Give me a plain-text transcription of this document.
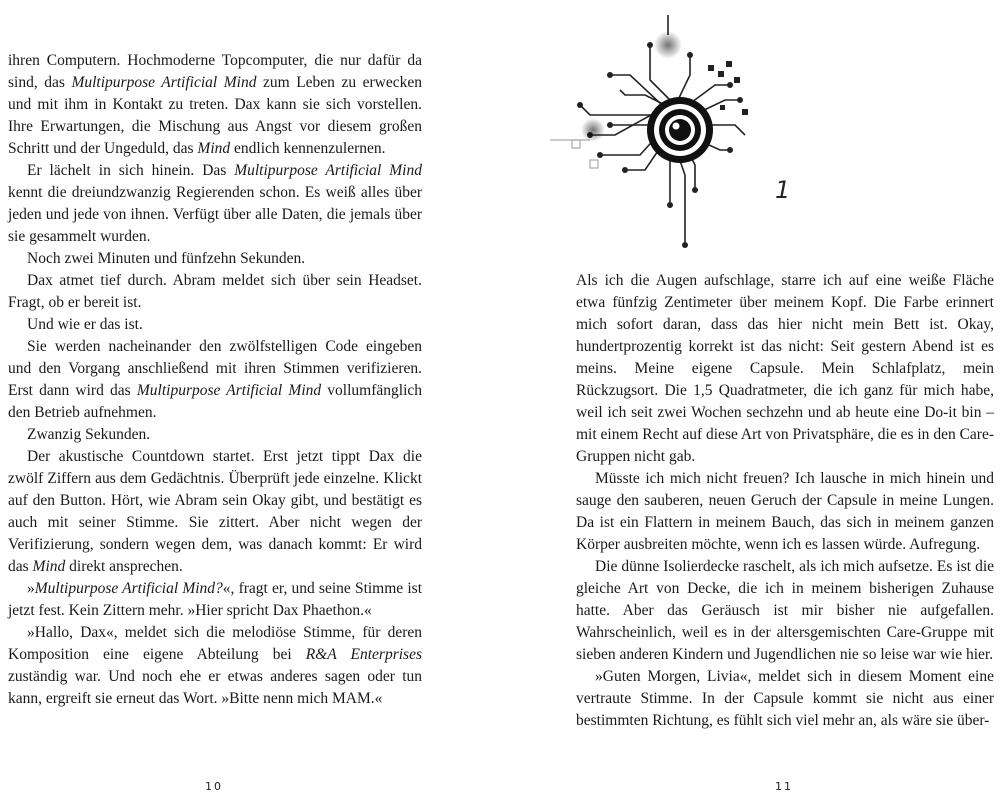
ihren Computern. Hochmoderne Topcomputer, die nur dafür da sind, das Multipurpose Artificial Mind zum Leben zu erwecken und mit ihm in Kontakt zu treten. Dax kann sie sich vorstellen. Ihre Erwartungen, die Mischung aus Angst vor diesem großen Schritt und der Ungeduld, das Mind endlich kennenzulernen.

Er lächelt in sich hinein. Das Multipurpose Artificial Mind kennt die dreiundzwanzig Regierenden schon. Es weiß alles über jeden und jede von ihnen. Verfügt über alle Daten, die jemals über sie gesammelt wurden.

Noch zwei Minuten und fünfzehn Sekunden.

Dax atmet tief durch. Abram meldet sich über sein Headset. Fragt, ob er bereit ist.

Und wie er das ist.

Sie werden nacheinander den zwölfstelligen Code eingeben und den Vorgang anschließend mit ihren Stimmen verifizieren. Erst dann wird das Multipurpose Artificial Mind vollumfänglich den Betrieb aufnehmen.

Zwanzig Sekunden.

Der akustische Countdown startet. Erst jetzt tippt Dax die zwölf Ziffern aus dem Gedächtnis. Überprüft jede einzelne. Klickt auf den Button. Hört, wie Abram sein Okay gibt, und bestätigt es auch mit seiner Stimme. Sie zittert. Aber nicht wegen der Verifizierung, sondern wegen dem, was danach kommt: Er wird das Mind direkt ansprechen.

»Multipurpose Artificial Mind?«, fragt er, und seine Stimme ist jetzt fest. Kein Zittern mehr. »Hier spricht Dax Phaethon.«

»Hallo, Dax«, meldet sich die melodiöse Stimme, für deren Komposition eine eigene Abteilung bei R&A Enterprises zuständig war. Und noch ehe er etwas anderes sagen oder tun kann, ergreift sie erneut das Wort. »Bitte nenn mich MAM.«

10
1

Als ich die Augen aufschlage, starre ich auf eine weiße Fläche etwa fünfzig Zentimeter über meinem Kopf. Die Farbe erinnert mich sofort daran, dass das hier nicht mein Bett ist. Okay, hundertprozentig korrekt ist das nicht: Seit gestern Abend ist es meins. Meine eigene Capsule. Mein Schlafplatz, mein Rückzugsort. Die 1,5 Quadratmeter, die ich ganz für mich habe, weil ich seit zwei Wochen sechzehn und ab heute eine Do-it bin – mit einem Recht auf diese Art von Privatsphäre, die es in den Care-Gruppen nicht gab.

Müsste ich mich nicht freuen? Ich lausche in mich hinein und sauge den sauberen, neuen Geruch der Capsule in meine Lungen. Da ist ein Flattern in meinem Bauch, das sich in meinem ganzen Körper ausbreiten möchte, wenn ich es lassen würde. Aufregung.

Die dünne Isolierdecke raschelt, als ich mich aufsetze. Es ist die gleiche Art von Decke, die ich in meinem bisherigen Zuhause hatte. Aber das Geräusch ist mir bisher nie aufgefallen. Wahrscheinlich, weil es in der altersgemischten Care-Gruppe mit sieben anderen Kindern und Jugendlichen nie so leise war wie hier.

»Guten Morgen, Livia«, meldet sich in diesem Moment eine vertraute Stimme. In der Capsule kommt sie nicht aus einer bestimmten Richtung, es fühlt sich viel mehr an, als wäre sie über-

11
